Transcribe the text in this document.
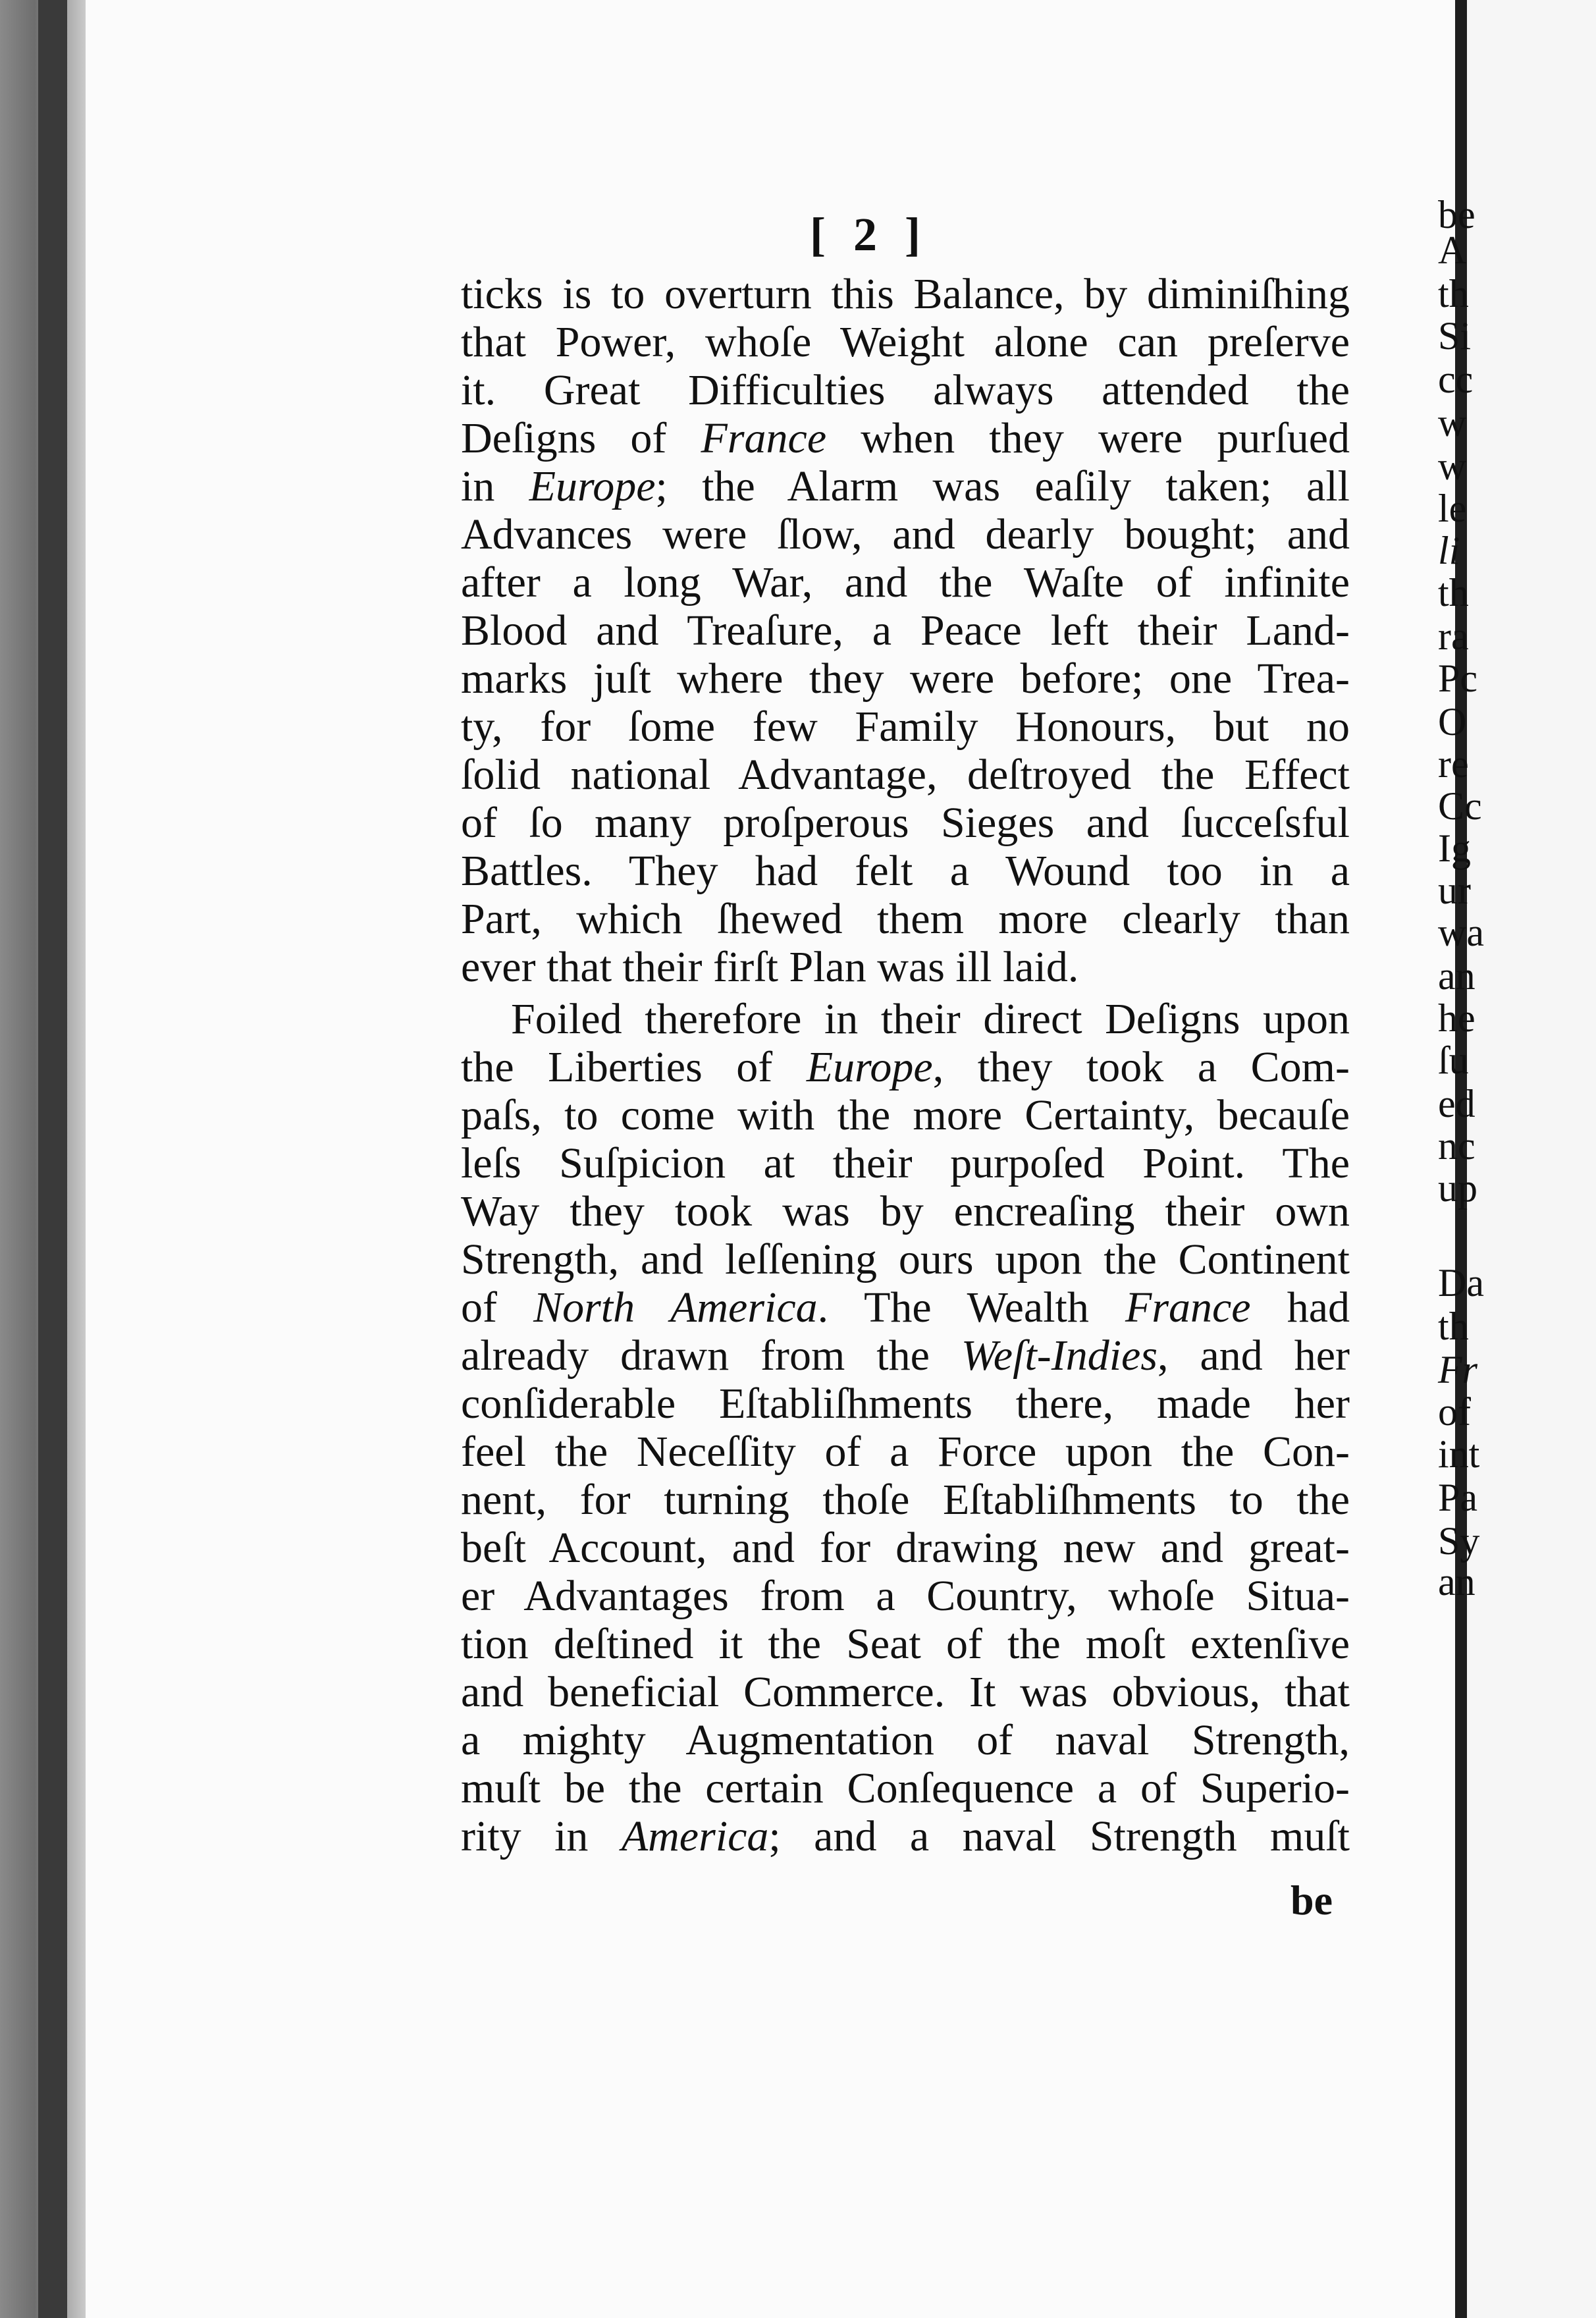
be
A
th
Si
cc
w
w
le
li
th
ra
Pc
O
re
Cc
Ig
ur
wa
an
he
ſu
ed
nc
up
Da
th
Fr
of
int
Pa
Sy
an
[ 2 ]
ticks is to overturn this Balance, by diminiſhing
that Power, whoſe Weight alone can preſerve
it. Great Difficulties always attended the
Deſigns of France when they were purſued
in Europe; the Alarm was eaſily taken; all
Advances were ſlow, and dearly bought; and
after a long War, and the Waſte of infinite
Blood and Treaſure, a Peace left their Land-
marks juſt where they were before; one Trea-
ty, for ſome few Family Honours, but no
ſolid national Advantage, deſtroyed the Effect
of ſo many proſperous Sieges and ſucceſsful
Battles. They had felt a Wound too in a
Part, which ſhewed them more clearly than
ever that their firſt Plan was ill laid.
Foiled therefore in their direct Deſigns upon
the Liberties of Europe, they took a Com-
paſs, to come with the more Certainty, becauſe
leſs Suſpicion at their purpoſed Point. The
Way they took was by encreaſing their own
Strength, and leſſening ours upon the Continent
of North America. The Wealth France had
already drawn from the Weſt-Indies, and her
conſiderable Eſtabliſhments there, made her
feel the Neceſſity of a Force upon the Con-
nent, for turning thoſe Eſtabliſhments to the
beſt Account, and for drawing new and great-
er Advantages from a Country, whoſe Situa-
tion deſtined it the Seat of the moſt extenſive
and beneficial Commerce. It was obvious, that
a mighty Augmentation of naval Strength,
muſt be the certain Conſequence a of Superio-
rity in America; and a naval Strength muſt
be
